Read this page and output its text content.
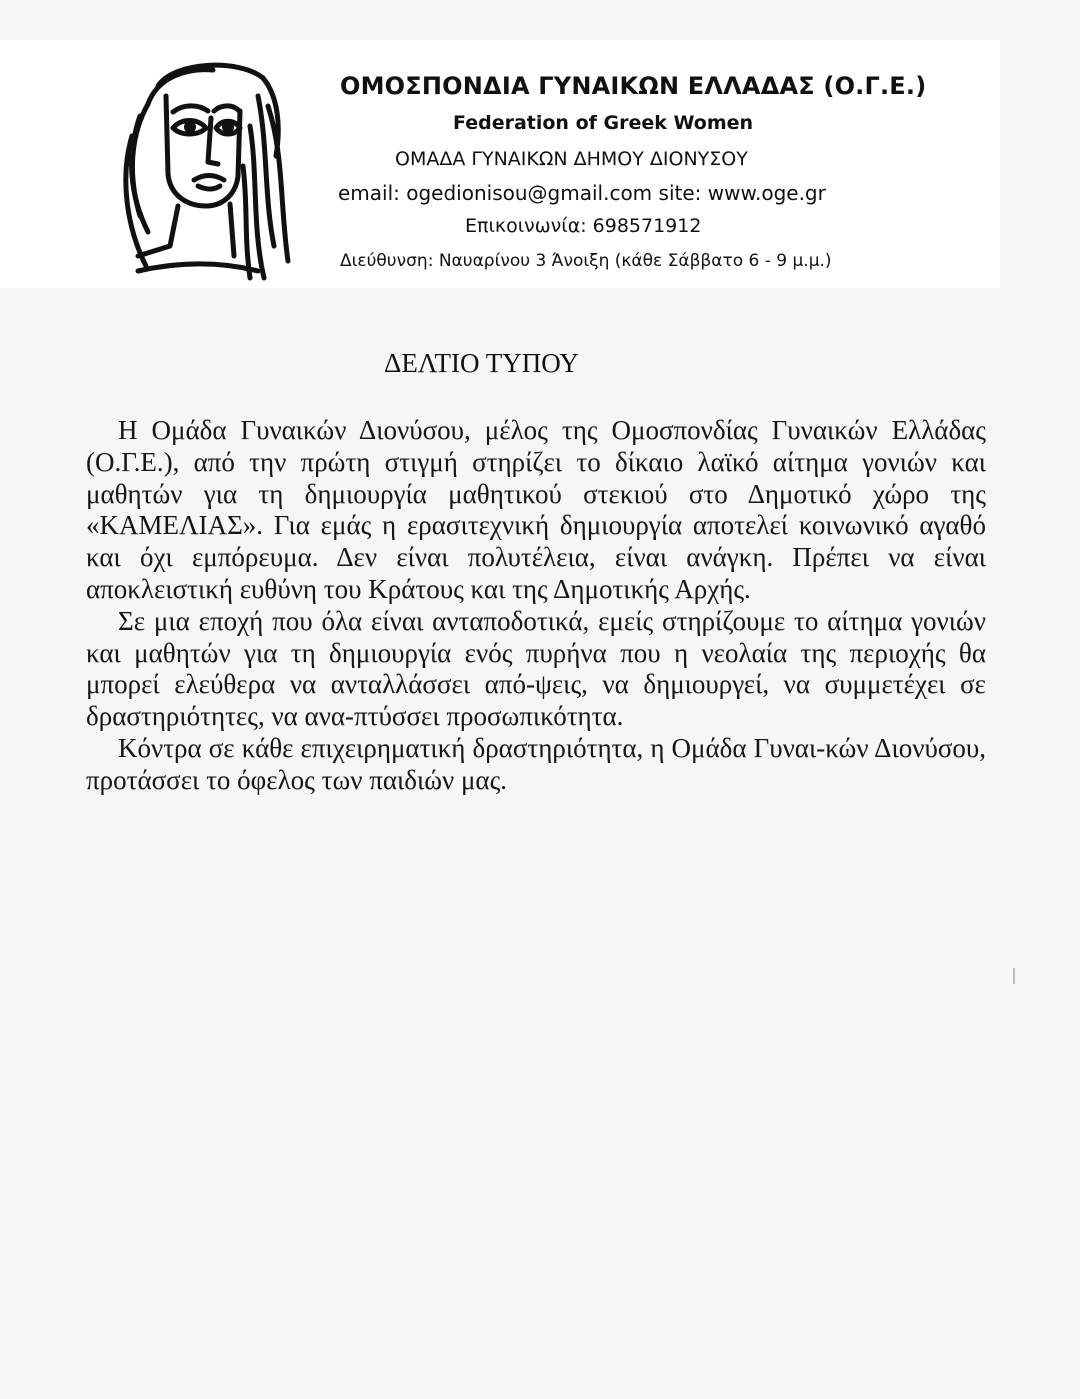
ΟΜΟΣΠΟΝΔΙΑ ΓΥΝΑΙΚΩΝ ΕΛΛΑΔΑΣ (Ο.Γ.Ε.)
Federation of Greek Women
ΟΜΑΔΑ ΓΥΝΑΙΚΩΝ ΔΗΜΟΥ ΔΙΟΝΥΣΟΥ
email: ogedionisou@gmail.com site: www.oge.gr
Επικοινωνία: 698571912
Διεύθυνση: Ναυαρίνου 3 Άνοιξη (κάθε Σάββατο 6 - 9 μ.μ.)
ΔΕΛΤΙΟ ΤΥΠΟΥ

Η Ομάδα Γυναικών Διονύσου, μέλος της Ομοσπονδίας Γυναικών Ελλάδας (Ο.Γ.Ε.), από την πρώτη στιγμή στηρίζει το δίκαιο λαϊκό αίτημα γονιών και μαθητών για τη δημιουργία μαθητικού στεκιού στο Δημοτικό χώρο της «ΚΑΜΕΛΙΑΣ». Για εμάς η ερασιτεχνική δημιουργία αποτελεί κοινωνικό αγαθό και όχι εμπόρευμα. Δεν είναι πολυτέλεια, είναι ανάγκη. Πρέπει να είναι αποκλειστική ευθύνη του Κράτους και της Δημοτικής Αρχής.

Σε μια εποχή που όλα είναι ανταποδοτικά, εμείς στηρίζουμε το αίτημα γονιών και μαθητών για τη δημιουργία ενός πυρήνα που η νεολαία της περιοχής θα μπορεί ελεύθερα να ανταλλάσσει από-ψεις, να δημιουργεί, να συμμετέχει σε δραστηριότητες, να ανα-πτύσσει προσωπικότητα.

Κόντρα σε κάθε επιχειρηματική δραστηριότητα, η Ομάδα Γυναι-κών Διονύσου, προτάσσει το όφελος των παιδιών μας.
